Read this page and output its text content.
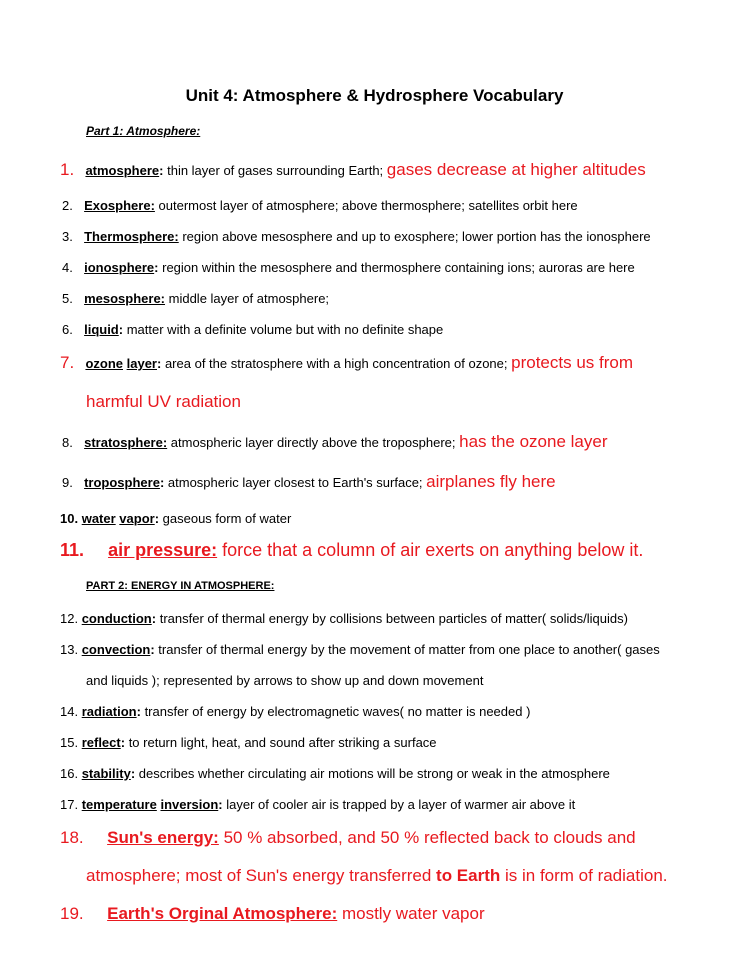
Unit 4: Atmosphere & Hydrosphere Vocabulary
Part 1: Atmosphere:
1. atmosphere: thin layer of gases surrounding Earth; gases decrease at higher altitudes
2. Exosphere: outermost layer of atmosphere; above thermosphere; satellites orbit here
3. Thermosphere: region above mesosphere and up to exosphere; lower portion has the ionosphere
4. ionosphere: region within the mesosphere and thermosphere containing ions; auroras are here
5. mesosphere: middle layer of atmosphere;
6. liquid: matter with a definite volume but with no definite shape
7. ozone layer: area of the stratosphere with a high concentration of ozone; protects us from
harmful UV radiation
8. stratosphere: atmospheric layer directly above the troposphere; has the ozone layer
9. troposphere: atmospheric layer closest to Earth's surface; airplanes fly here
10. water vapor: gaseous form of water
11. air pressure: force that a column of air exerts on anything below it.
PART 2: ENERGY IN ATMOSPHERE:
12. conduction: transfer of thermal energy by collisions between particles of matter( solids/liquids)
13. convection: transfer of thermal energy by the movement of matter from one place to another( gases
and liquids ); represented by arrows to show up and down movement
14. radiation: transfer of energy by electromagnetic waves( no matter is needed )
15. reflect: to return light, heat, and sound after striking a surface
16. stability: describes whether circulating air motions will be strong or weak in the atmosphere
17. temperature inversion: layer of cooler air is trapped by a layer of warmer air above it
18. Sun's energy: 50 % absorbed, and 50 % reflected back to clouds and
atmosphere; most of Sun's energy transferred to Earth is in form of radiation.
19. Earth's Orginal Atmosphere: mostly water vapor
